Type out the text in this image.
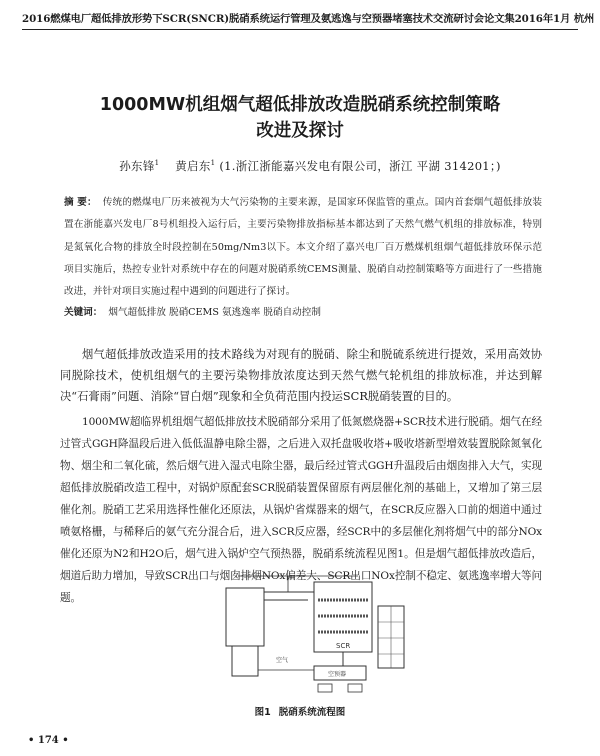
2016燃煤电厂超低排放形势下SCR(SNCR)脱硝系统运行管理及氨逃逸与空预器堵塞技术交流研讨会论文集 2016年1月 杭州
1000MW机组烟气超低排放改造脱硝系统控制策略
改进及探讨
孙东锋$^1$ 黄启东$^1$ (1.浙江浙能嘉兴发电有限公司，浙江 平湖 314201；)
摘 要： 传统的燃煤电厂历来被视为大气污染物的主要来源，是国家环保监管的重点。国内首套烟气超低排放装置在浙能嘉兴发电厂8号机组投入运行后，主要污染物排放指标基本都达到了天然气燃气机组的排放标准，特别是氮氧化合物的排放全时段控制在50mg/Nm3以下。本文介绍了嘉兴电厂百万燃煤机组烟气超低排放环保示范项目实施后，热控专业针对系统中存在的问题对脱硝系统CEMS测量、脱硝自动控制策略等方面进行了一些措施改进，并针对项目实施过程中遇到的问题进行了探讨。
关键词： 烟气超低排放 脱硝CEMS 氨逃逸率 脱硝自动控制

烟气超低排放改造采用的技术路线为对现有的脱硝、除尘和脱硫系统进行提效，采用高效协同脱除技术，使机组烟气的主要污染物排放浓度达到天然气燃气轮机组的排放标准，并达到解决“石膏雨”问题、消除“冒白烟”现象和全负荷范围内投运SCR脱硝装置的目的。

1000MW超临界机组烟气超低排放技术脱硝部分采用了低氮燃烧器+SCR技术进行脱硝。烟气在经过管式GGH降温段后进入低低温静电除尘器，之后进入双托盘吸收塔+吸收塔新型增效装置脱除氮氧化物、烟尘和二氧化硫，然后烟气进入湿式电除尘器，最后经过管式GGH升温段后由烟囱排入大气，实现超低排放脱硝改造工程中，对锅炉原配套SCR脱硝装置保留原有两层催化剂的基础上，又增加了第三层催化剂。脱硝工艺采用选择性催化还原法，从锅炉省煤器来的烟气，在SCR反应器入口前的烟道中通过喷氨格栅，与稀释后的氨气充分混合后，进入SCR反应器，经SCR中的多层催化剂将烟气中的部分NOx催化还原为N2和H2O后，烟气进入锅炉空气预热器，脱硝系统流程见图1。但是烟气超低排放改造后，烟道后助力增加，导致SCR出口与烟囱排烟NOx偏差大、SCR出口NOx控制不稳定、氨逃逸率增大等问题。

SCR
空预器
空气
图1 脱硝系统流程图
• 174 •
